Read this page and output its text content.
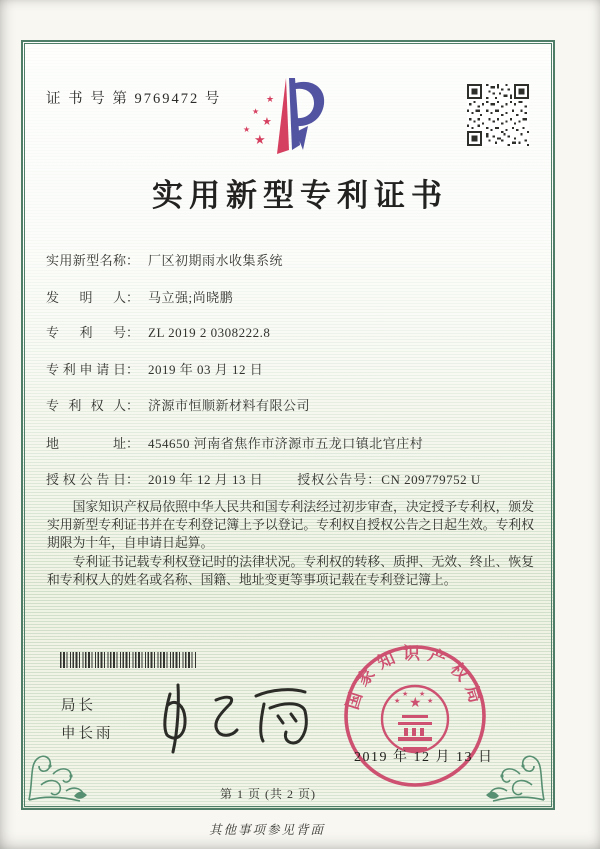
证 书 号 第 9769472 号	★
★
★
★
★
实用新型专利证书
实用新型名称： 厂区初期雨水收集系统
发明人： 马立强;尚晓鹏
专利号： ZL 2019 2 0308222.8
专利申请日： 2019 年 03 月 12 日
专利权人： 济源市恒顺新材料有限公司
地址： 454650 河南省焦作市济源市五龙口镇北官庄村
授权公告日： 2019 年 12 月 13 日	授权公告号：CN 209779752 U

国家知识产权局依照中华人民共和国专利法经过初步审查，决定授予专利权，颁发实用新型专利证书并在专利登记簿上予以登记。专利权自授权公告之日起生效。专利权期限为十年，自申请日起算。

专利证书记载专利权登记时的法律状况。专利权的转移、质押、无效、终止、恢复和专利权人的姓名或名称、国籍、地址变更等事项记载在专利登记簿上。

局长
申长雨
国家知识产权局
★
★
★ ★
★
2019 年 12 月 13 日
第 1 页 (共 2 页)
其他事项参见背面
